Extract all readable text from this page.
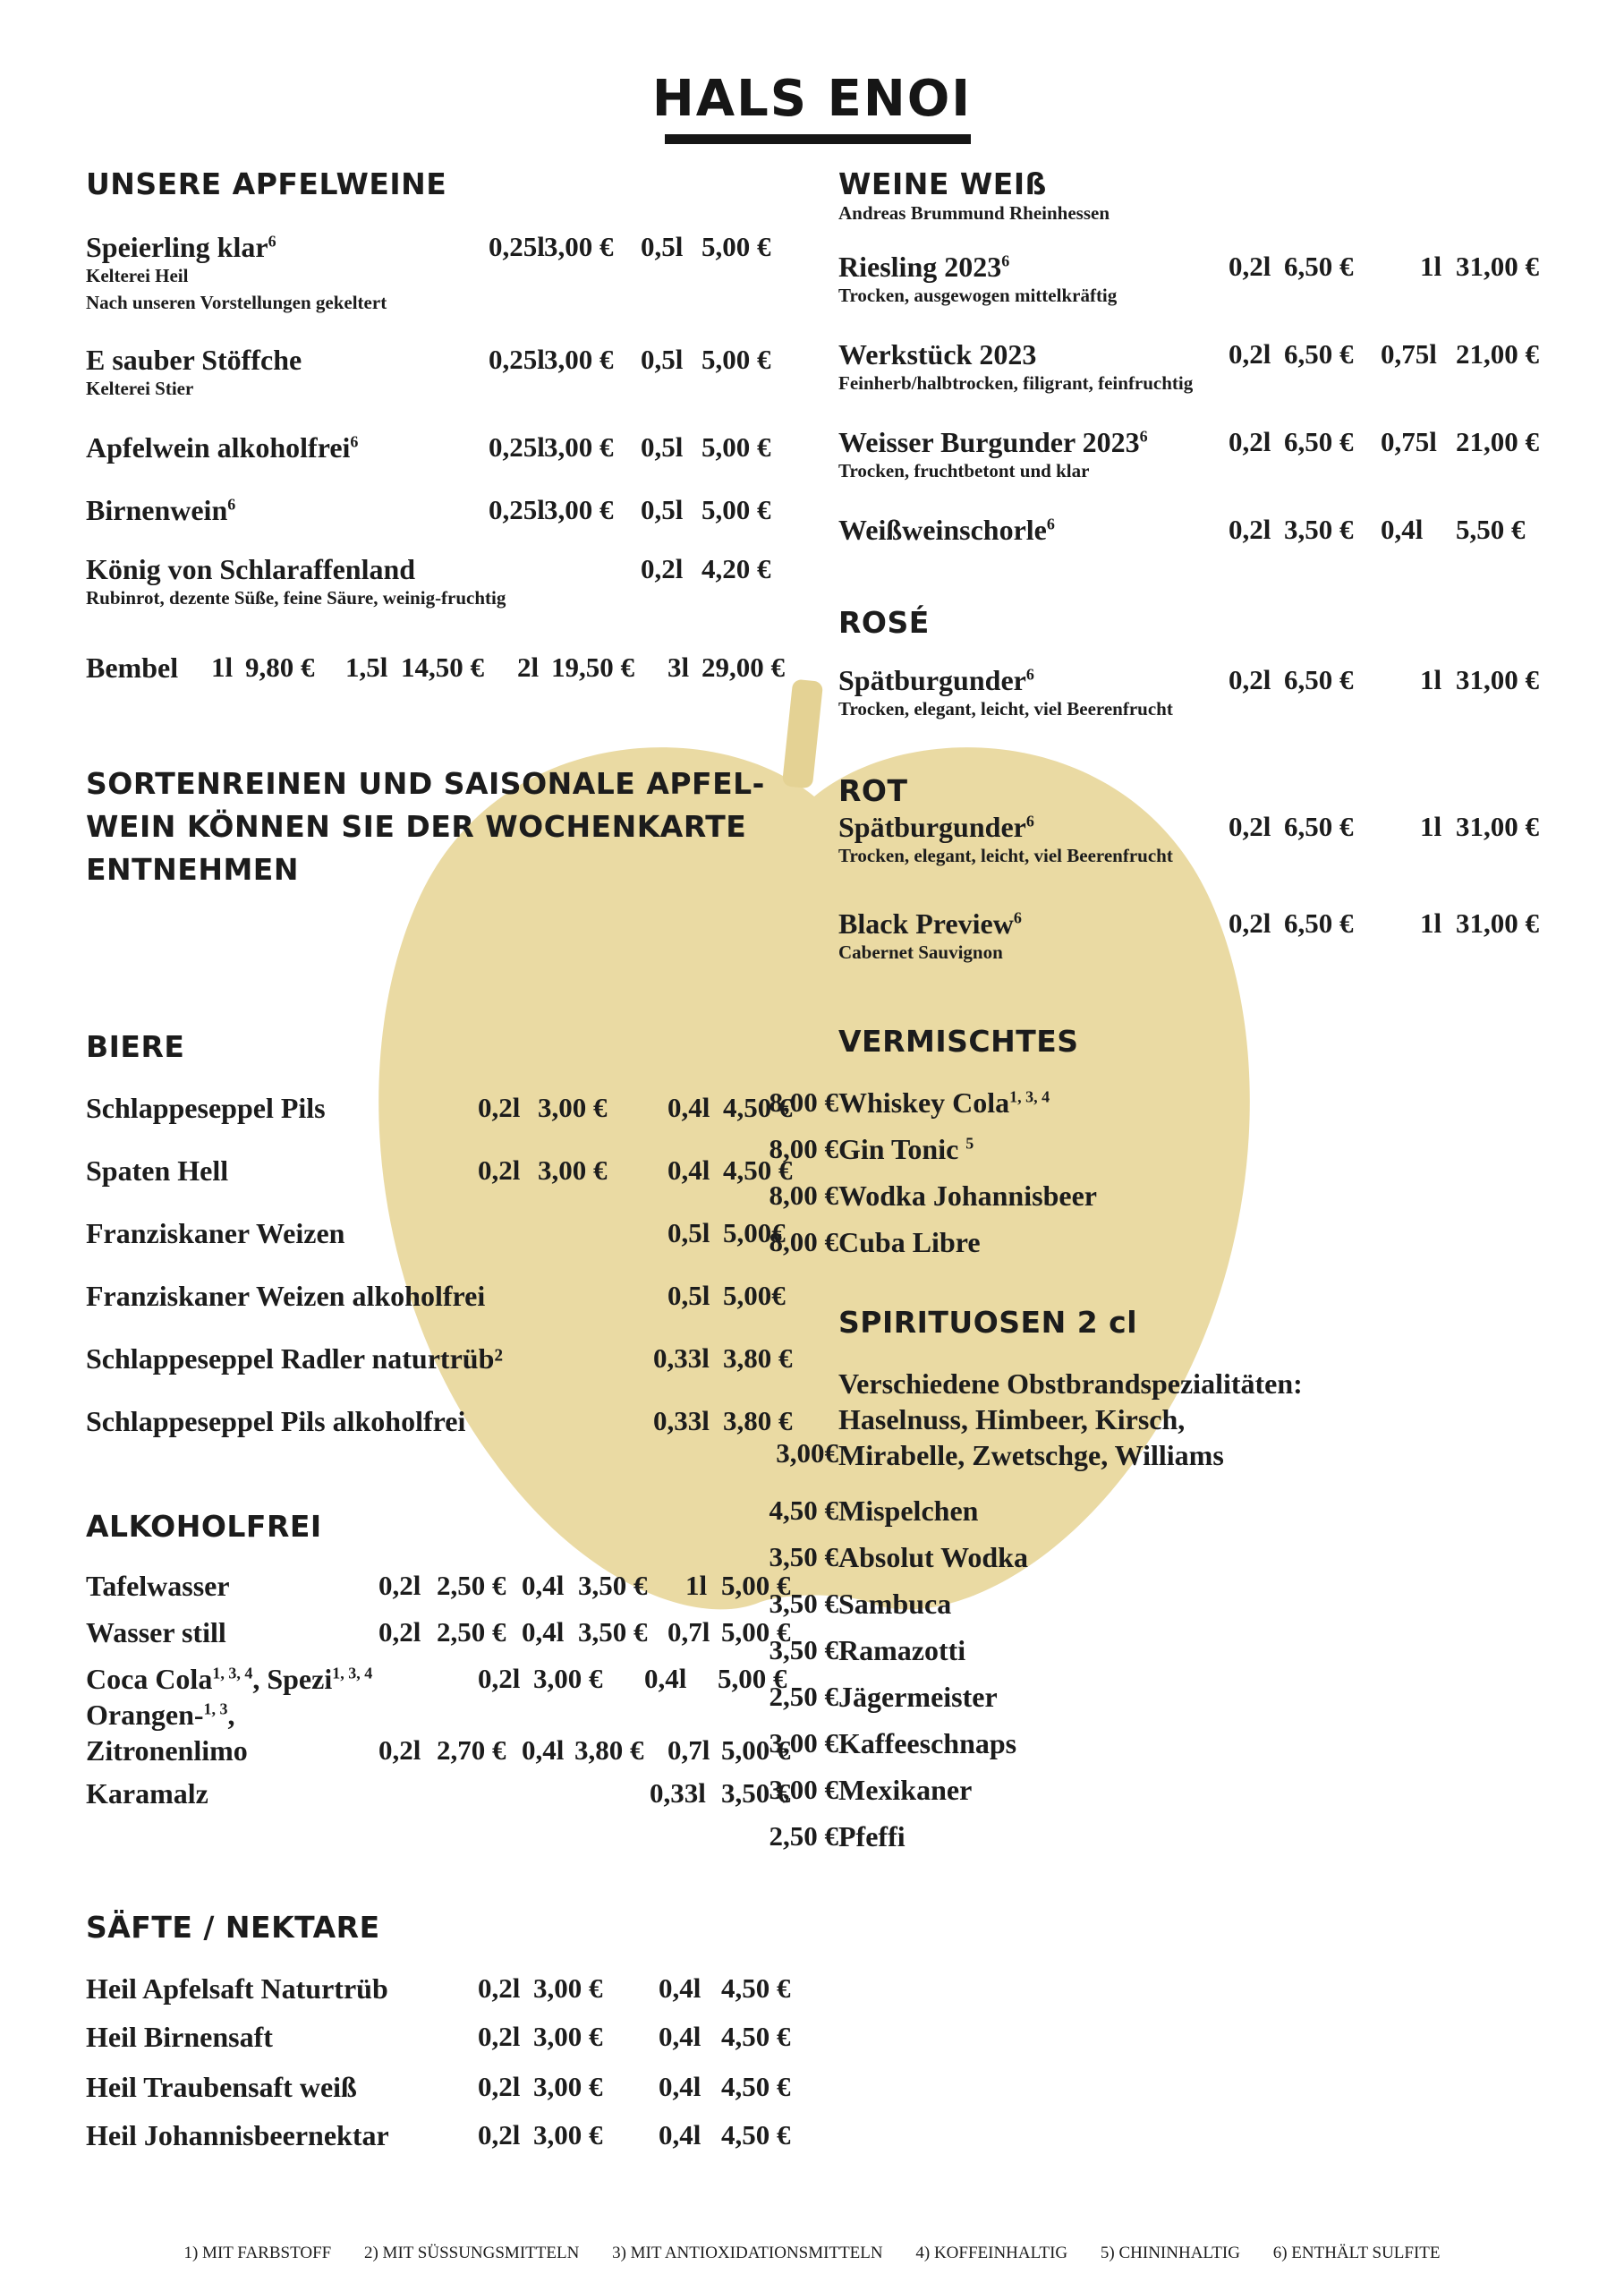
HALS ENOI
UNSERE APFELWEINE
Speierling klar$^6$	0,25l 3,00 € 0,5l 5,00 €
Kelterei Heil
Nach unseren Vorstellungen gekeltert
E sauber Stöffche	0,25l 3,00 € 0,5l 5,00 €
Kelterei Stier
Apfelwein alkoholfrei$^6$	0,25l 3,00 € 0,5l 5,00 €
Birnenwein$^6$	0,25l 3,00 € 0,5l 5,00 €
König von Schlaraffenland	0,2l 4,20 €
Rubinrot, dezente Süße, feine Säure, weinig-fruchtig
Bembel 1l 9,80 € 1,5l 14,50 € 2l 19,50 € 3l 29,00 €
SORTENREINEN UND SAISONALE APFEL-
WEIN KÖNNEN SIE DER WOCHENKARTE
ENTNEHMEN
BIERE
Schlappeseppel Pils	0,2l 3,00 € 0,4l 4,50 €
Spaten Hell	0,2l 3,00 € 0,4l 4,50 €
Franziskaner Weizen	0,5l 5,00€
Franziskaner Weizen alkoholfrei	0,5l 5,00€
Schlappeseppel Radler naturtrüb²	0,33l 3,80 €
Schlappeseppel Pils alkoholfrei	0,33l 3,80 €
ALKOHOLFREI
Tafelwasser	0,2l 2,50 € 0,4l 3,50 € 1l 5,00 €
Wasser still	0,2l 2,50 € 0,4l 3,50 € 0,7l 5,00 €
Coca Cola$^{1, 3, 4}$, Spezi$^{1, 3, 4}$	0,2l 3,00 € 0,4l 5,00 €
Orangen-$^{1, 3}$,
Zitronenlimo	0,2l 2,70 € 0,4l 3,80 € 0,7l 5,00 €
Karamalz	0,33l 3,50 €
SÄFTE / NEKTARE
Heil Apfelsaft Naturtrüb	0,2l 3,00 € 0,4l 4,50 €
Heil Birnensaft	0,2l 3,00 € 0,4l 4,50 €
Heil Traubensaft weiß	0,2l 3,00 € 0,4l 4,50 €
Heil Johannisbeernektar	0,2l 3,00 € 0,4l 4,50 €
WEINE WEIß
Andreas Brummund Rheinhessen
Riesling 2023$^6$	0,2l 6,50 € 1l 31,00 €
Trocken, ausgewogen mittelkräftig
Werkstück 2023	0,2l 6,50 € 0,75l 21,00 €
Feinherb/halbtrocken, filigrant, feinfruchtig
Weisser Burgunder 2023$^6$	0,2l 6,50 € 0,75l 21,00 €
Trocken, fruchtbetont und klar
Weißweinschorle$^6$	0,2l 3,50 € 0,4l 5,50 €
ROSÉ
Spätburgunder$^6$	0,2l 6,50 € 1l 31,00 €
Trocken, elegant, leicht, viel Beerenfrucht
ROT
Spätburgunder$^6$	0,2l 6,50 € 1l 31,00 €
Trocken, elegant, leicht, viel Beerenfrucht
Black Preview$^6$	0,2l 6,50 € 1l 31,00 €
Cabernet Sauvignon
VERMISCHTES
Whiskey Cola$^{1, 3, 4}$
8,00 €
Gin Tonic $^5$
8,00 €
Wodka Johannisbeer
8,00 €
Cuba Libre
8,00 €
SPIRITUOSEN 2 cl
Verschiedene Obstbrandspezialitäten:
Haselnuss, Himbeer, Kirsch,
Mirabelle, Zwetschge, Williams
3,00€
Mispelchen
4,50 €
Absolut Wodka
3,50 €
Sambuca
3,50 €
Ramazotti
3,50 €
Jägermeister
2,50 €
Kaffeeschnaps
3,00 €
Mexikaner
3,00 €
Pfeffi
2,50 €
1) MIT FARBSTOFF 2) MIT SÜSSUNGSMITTELN 3) MIT ANTIOXIDATIONSMITTELN 4) KOFFEINHALTIG 5) CHININHALTIG 6) ENTHÄLT SULFITE
